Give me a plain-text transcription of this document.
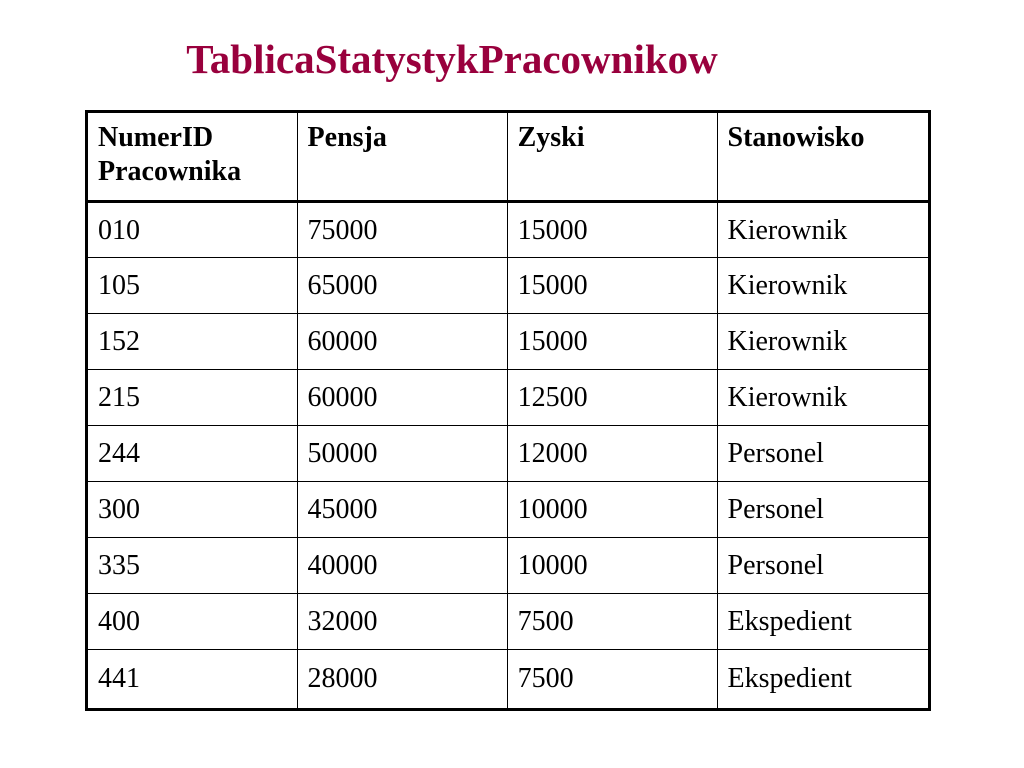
TablicaStatystykPracownikow
NumerID Pracownika	Pensja	Zyski	Stanowisko
010	75000	15000	Kierownik
105	65000	15000	Kierownik
152	60000	15000	Kierownik
215	60000	12500	Kierownik
244	50000	12000	Personel
300	45000	10000	Personel
335	40000	10000	Personel
400	32000	7500	Ekspedient
441	28000	7500	Ekspedient
